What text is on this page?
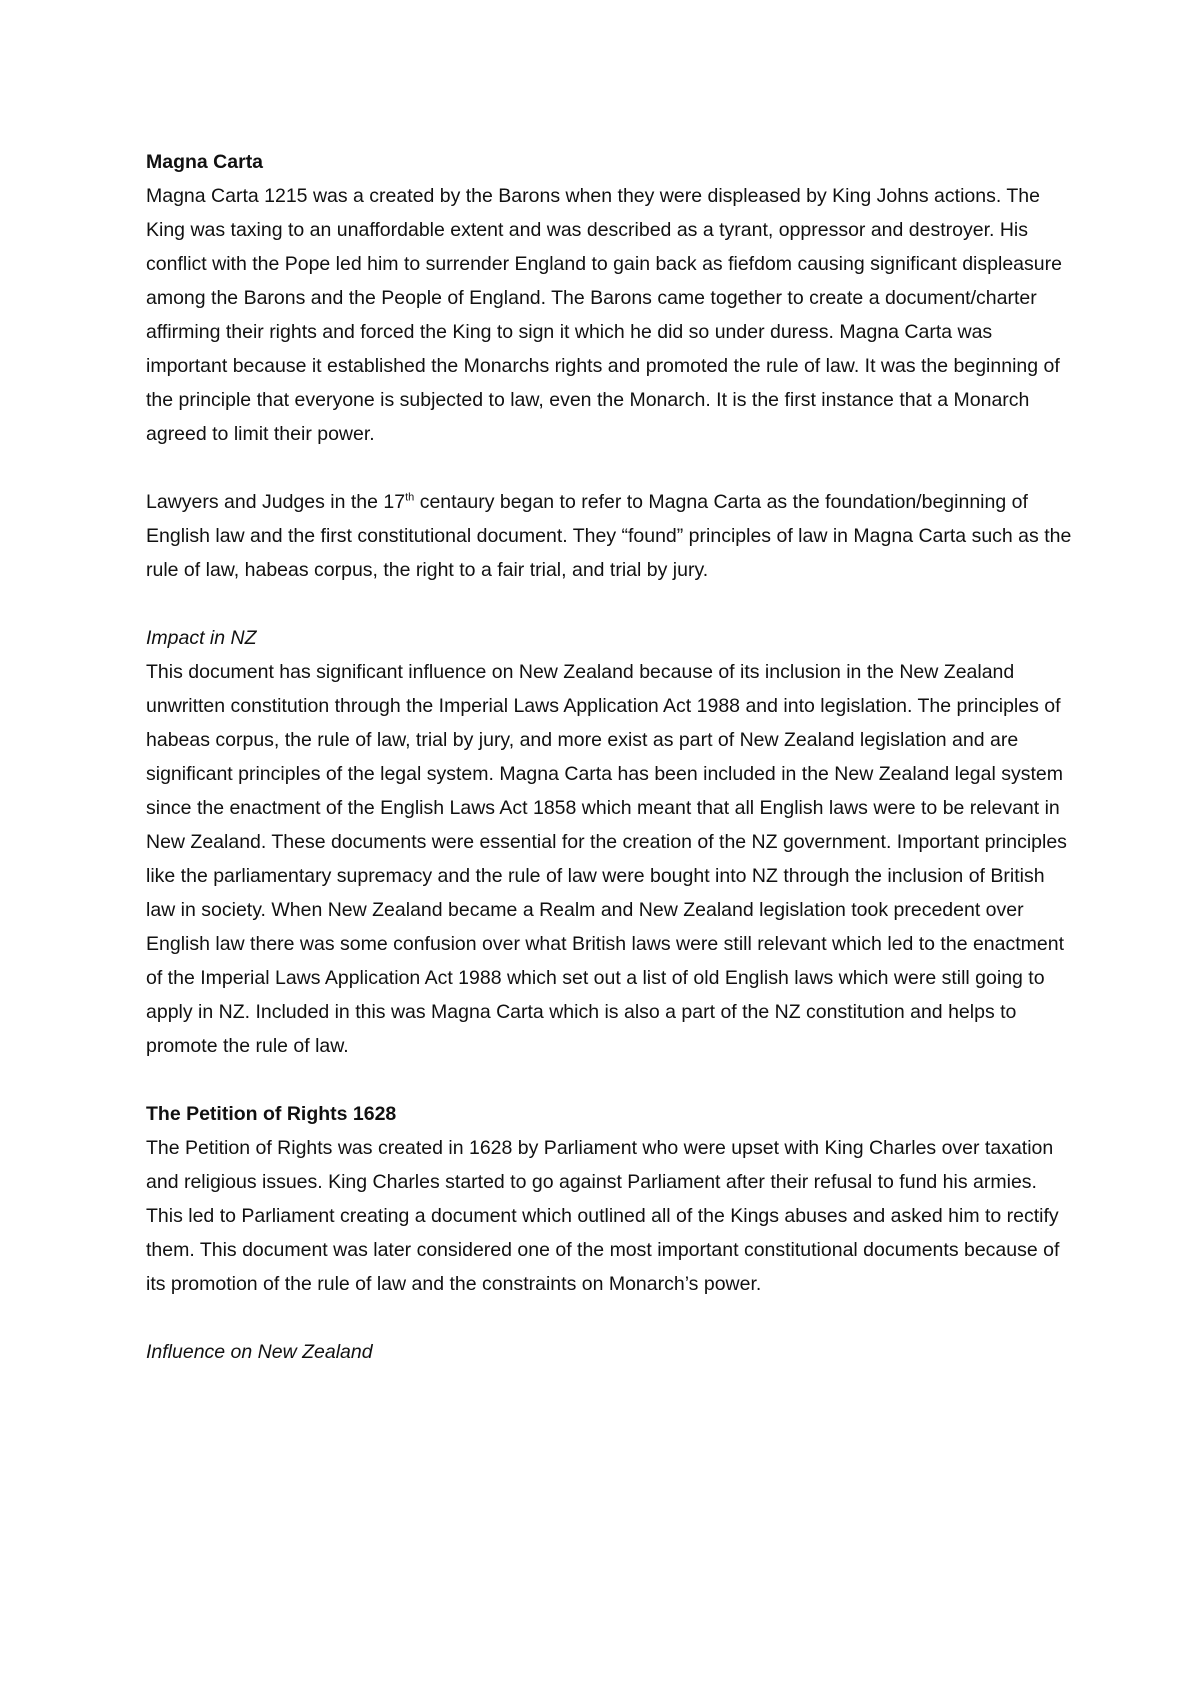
Magna Carta

Magna Carta 1215 was a created by the Barons when they were displeased by King Johns actions. The King was taxing to an unaffordable extent and was described as a tyrant, oppressor and destroyer. His conflict with the Pope led him to surrender England to gain back as fiefdom causing significant displeasure among the Barons and the People of England. The Barons came together to create a document/charter affirming their rights and forced the King to sign it which he did so under duress. Magna Carta was important because it established the Monarchs rights and promoted the rule of law. It was the beginning of the principle that everyone is subjected to law, even the Monarch. It is the first instance that a Monarch agreed to limit their power.

Lawyers and Judges in the 17th centaury began to refer to Magna Carta as the foundation/beginning of English law and the first constitutional document. They “found” principles of law in Magna Carta such as the rule of law, habeas corpus, the right to a fair trial, and trial by jury.

Impact in NZ

This document has significant influence on New Zealand because of its inclusion in the New Zealand unwritten constitution through the Imperial Laws Application Act 1988 and into legislation. The principles of habeas corpus, the rule of law, trial by jury, and more exist as part of New Zealand legislation and are significant principles of the legal system. Magna Carta has been included in the New Zealand legal system since the enactment of the English Laws Act 1858 which meant that all English laws were to be relevant in New Zealand. These documents were essential for the creation of the NZ government. Important principles like the parliamentary supremacy and the rule of law were bought into NZ through the inclusion of British law in society. When New Zealand became a Realm and New Zealand legislation took precedent over English law there was some confusion over what British laws were still relevant which led to the enactment of the Imperial Laws Application Act 1988 which set out a list of old English laws which were still going to apply in NZ. Included in this was Magna Carta which is also a part of the NZ constitution and helps to promote the rule of law.

The Petition of Rights 1628

The Petition of Rights was created in 1628 by Parliament who were upset with King Charles over taxation and religious issues. King Charles started to go against Parliament after their refusal to fund his armies. This led to Parliament creating a document which outlined all of the Kings abuses and asked him to rectify them. This document was later considered one of the most important constitutional documents because of its promotion of the rule of law and the constraints on Monarch’s power.

Influence on New Zealand
